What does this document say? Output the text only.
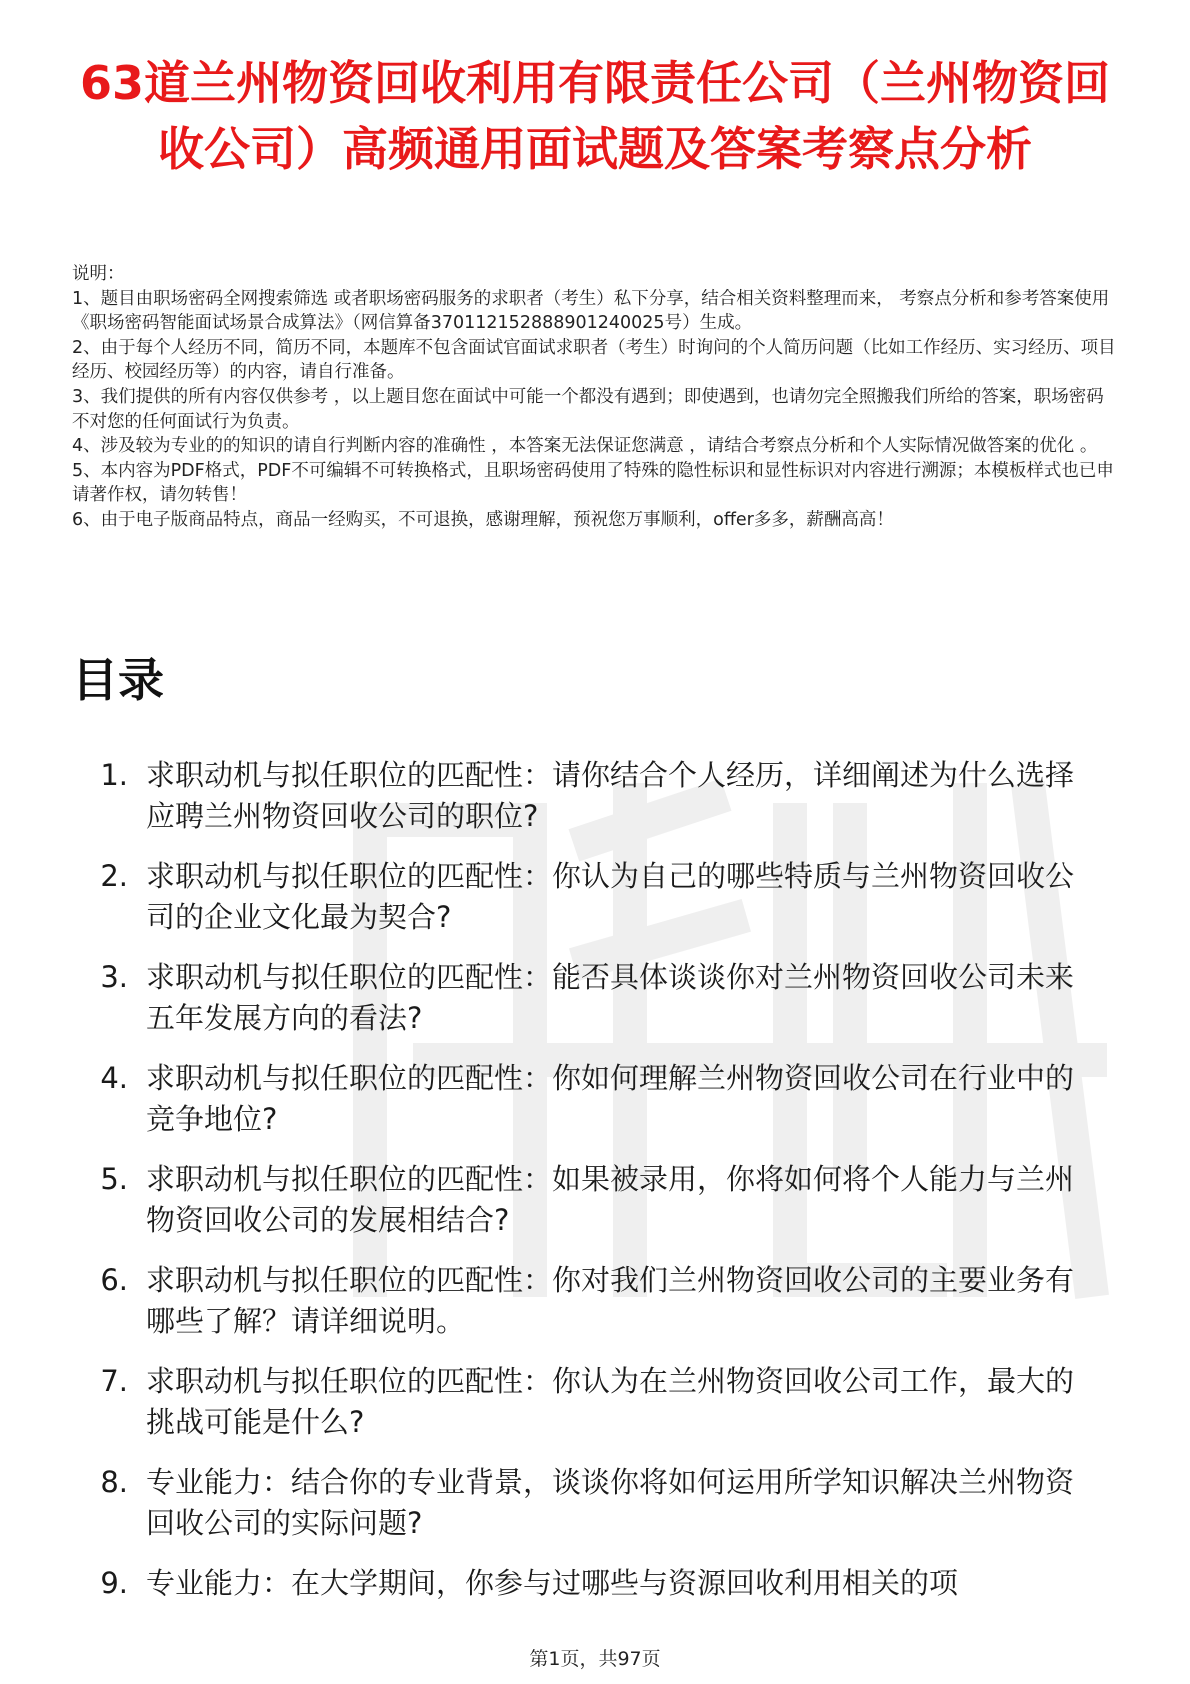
63道兰州物资回收利用有限责任公司（兰州物资回收公司）高频通用面试题及答案考察点分析

说明：

1、题目由职场密码全网搜索筛选 或者职场密码服务的求职者（考生）私下分享，结合相关资料整理而来， 考察点分析和参考答案使用《职场密码智能面试场景合成算法》（网信算备370112152888901240025号）生成。

2、由于每个人经历不同，简历不同，本题库不包含面试官面试求职者（考生）时询问的个人简历问题（比如工作经历、实习经历、项目经历、校园经历等）的内容，请自行准备。

3、我们提供的所有内容仅供参考 ，以上题目您在面试中可能一个都没有遇到；即使遇到，也请勿完全照搬我们所给的答案，职场密码不对您的任何面试行为负责。

4、涉及较为专业的的知识的请自行判断内容的准确性 ，本答案无法保证您满意 ，请结合考察点分析和个人实际情况做答案的优化 。

5、本内容为PDF格式，PDF不可编辑不可转换格式，且职场密码使用了特殊的隐性标识和显性标识对内容进行溯源；本模板样式也已申请著作权，请勿转售！

6、由于电子版商品特点，商品一经购买，不可退换，感谢理解，预祝您万事顺利，offer多多，薪酬高高！

目录
1. 求职动机与拟任职位的匹配性：请你结合个人经历，详细阐述为什么选择应聘兰州物资回收公司的职位?
2. 求职动机与拟任职位的匹配性：你认为自己的哪些特质与兰州物资回收公司的企业文化最为契合?
3. 求职动机与拟任职位的匹配性：能否具体谈谈你对兰州物资回收公司未来五年发展方向的看法?
4. 求职动机与拟任职位的匹配性：你如何理解兰州物资回收公司在行业中的竞争地位?
5. 求职动机与拟任职位的匹配性：如果被录用，你将如何将个人能力与兰州物资回收公司的发展相结合?
6. 求职动机与拟任职位的匹配性：你对我们兰州物资回收公司的主要业务有哪些了解？请详细说明。
7. 求职动机与拟任职位的匹配性：你认为在兰州物资回收公司工作，最大的挑战可能是什么?
8. 专业能力：结合你的专业背景，谈谈你将如何运用所学知识解决兰州物资回收公司的实际问题?
9. 专业能力：在大学期间，你参与过哪些与资源回收利用相关的项
第1页，共97页
